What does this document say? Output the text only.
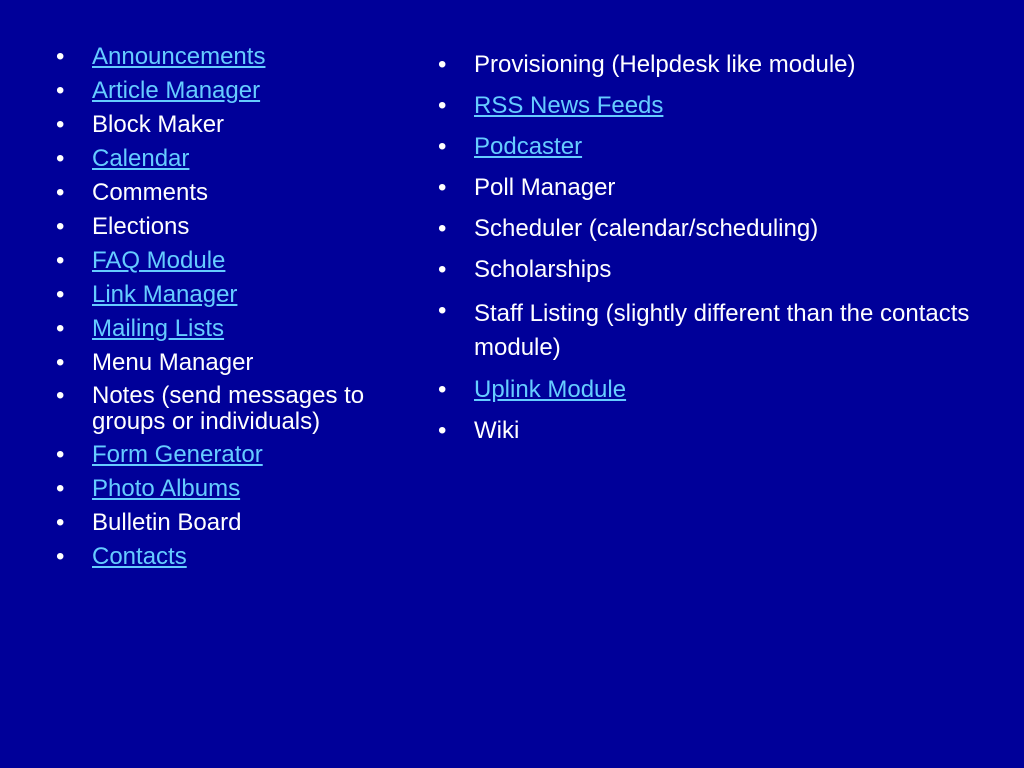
• Announcements
• Article Manager
• Block Maker
• Calendar
• Comments
• Elections
• FAQ Module
• Link Manager
• Mailing Lists
• Menu Manager
• Notes (send messages to groups or individuals)
• Form Generator
• Photo Albums
• Bulletin Board
• Contacts
• Provisioning (Helpdesk like module)
• RSS News Feeds
• Podcaster
• Poll Manager
• Scheduler (calendar/scheduling)
• Scholarships
• Staff Listing (slightly different than the contacts module)
• Uplink Module
• Wiki
